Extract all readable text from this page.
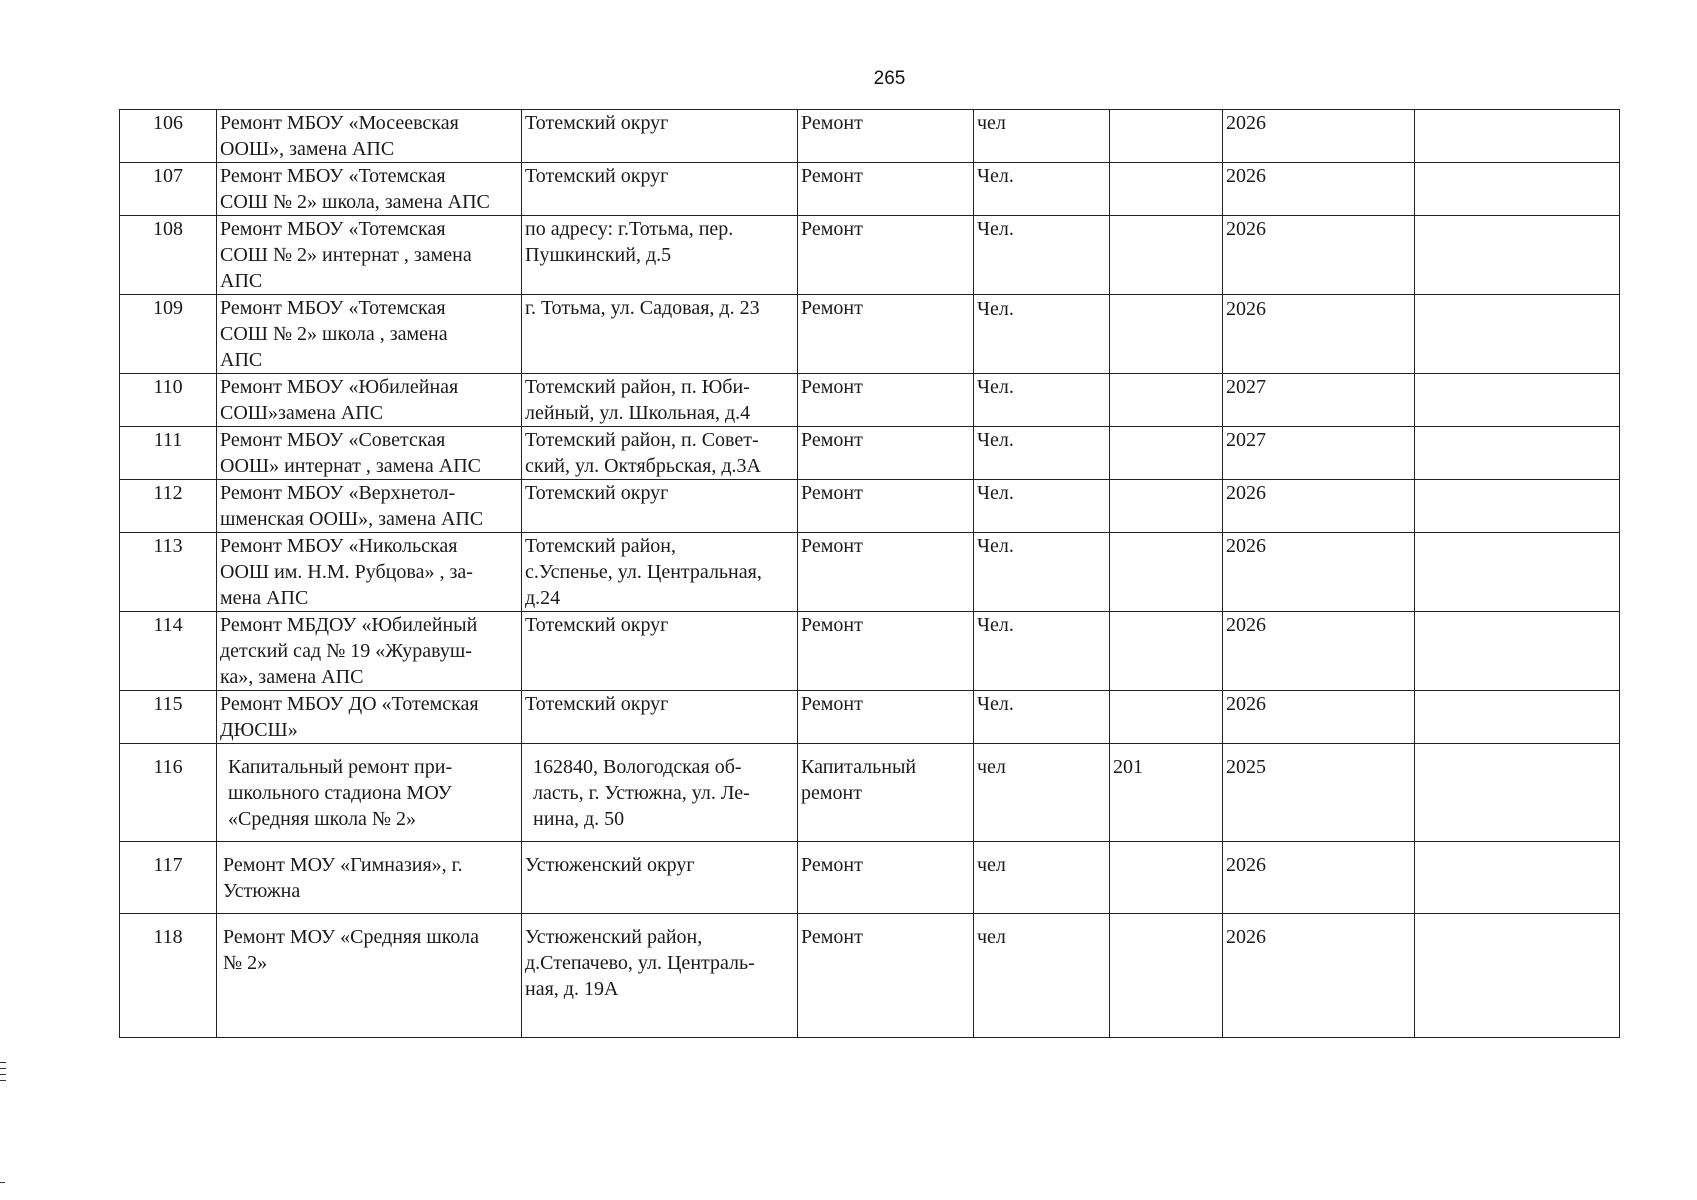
265
106	Ремонт МБОУ «Мосеевская
ООШ», замена АПС	Тотемский округ	Ремонт	чел		2026	
107	Ремонт МБОУ «Тотемская
СОШ № 2» школа, замена АПС	Тотемский округ	Ремонт	Чел.		2026	
108	Ремонт МБОУ «Тотемская
СОШ № 2» интернат , замена
АПС	по адресу: г.Тотьма, пер.
Пушкинский, д.5	Ремонт	Чел.		2026	
109	Ремонт МБОУ «Тотемская
СОШ № 2» школа , замена
АПС	г. Тотьма, ул. Садовая, д. 23	Ремонт	Чел.		2026	
110	Ремонт МБОУ «Юбилейная
СОШ»замена АПС	Тотемский район, п. Юби-
лейный, ул. Школьная, д.4	Ремонт	Чел.		2027	
111	Ремонт МБОУ «Советская
ООШ» интернат , замена АПС	Тотемский район, п. Совет-
ский, ул. Октябрьская, д.3А	Ремонт	Чел.		2027	
112	Ремонт МБОУ «Верхнетол-
шменская ООШ», замена АПС	Тотемский округ	Ремонт	Чел.		2026	
113	Ремонт МБОУ «Никольская
ООШ им. Н.М. Рубцова» , за-
мена АПС	Тотемский район,
с.Успенье, ул. Центральная,
д.24	Ремонт	Чел.		2026	
114	Ремонт МБДОУ «Юбилейный
детский сад № 19 «Журавуш-
ка», замена АПС	Тотемский округ	Ремонт	Чел.		2026	
115	Ремонт МБОУ ДО «Тотемская
ДЮСШ»	Тотемский округ	Ремонт	Чел.		2026	
116	Капитальный ремонт при-
школьного стадиона МОУ
«Средняя школа № 2»	162840, Вологодская об-
ласть, г. Устюжна, ул. Ле-
нина, д. 50	Капитальный
ремонт	чел	201	2025	
117	Ремонт МОУ «Гимназия», г.
Устюжна	Устюженский округ	Ремонт	чел		2026	
118	Ремонт МОУ «Средняя школа
№ 2»	Устюженский район,
д.Степачево, ул. Централь-
ная, д. 19А	Ремонт	чел		2026	
